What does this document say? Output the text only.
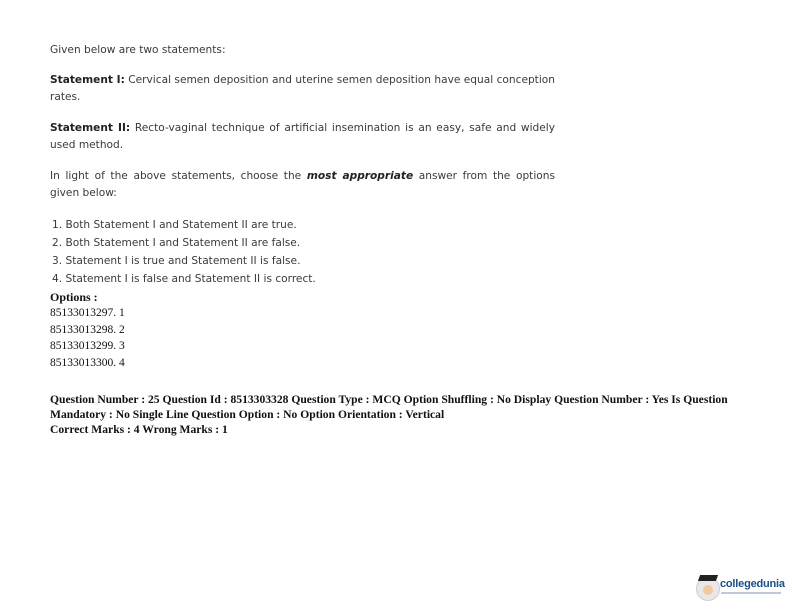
Given below are two statements:

Statement I: Cervical semen deposition and uterine semen deposition have equal conception rates.

Statement II: Recto-vaginal technique of artificial insemination is an easy, safe and widely used method.

In light of the above statements, choose the most appropriate answer from the options given below:

1. Both Statement I and Statement II are true.
2. Both Statement I and Statement II are false.
3. Statement I is true and Statement II is false.
4. Statement I is false and Statement II is correct.
Options :
85133013297. 1
85133013298. 2
85133013299. 3
85133013300. 4
Question Number : 25 Question Id : 8513303328 Question Type : MCQ Option Shuffling : No Display Question Number : Yes Is Question Mandatory : No Single Line Question Option : No Option Orientation : Vertical
Correct Marks : 4 Wrong Marks : 1
collegedunia
